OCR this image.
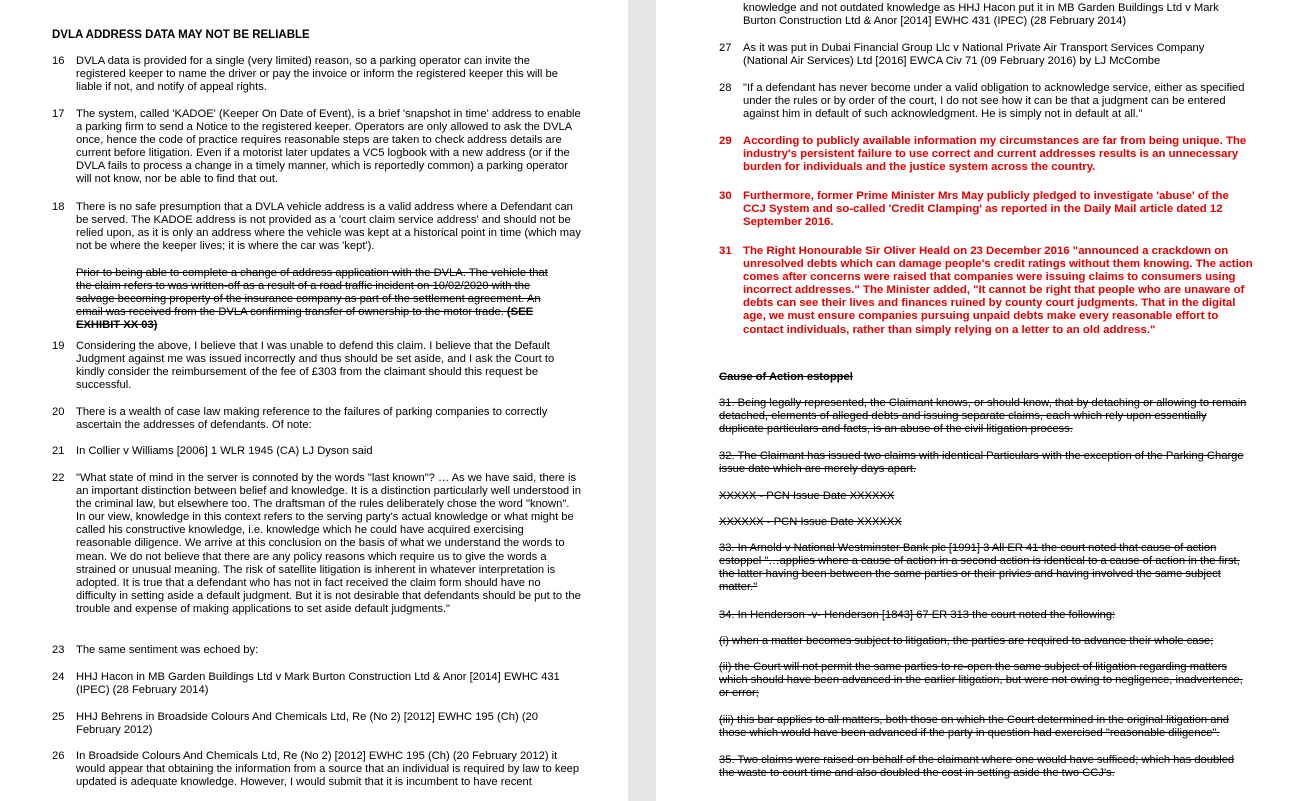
DVLA ADDRESS DATA MAY NOT BE RELIABLE
16 DVLA data is provided for a single (very limited) reason, so a parking operator can invite the registered keeper to name the driver or pay the invoice or inform the registered keeper this will be liable if not, and notify of appeal rights.
17 The system, called 'KADOE' (Keeper On Date of Event), is a brief 'snapshot in time' address to enable a parking firm to send a Notice to the registered keeper. Operators are only allowed to ask the DVLA once, hence the code of practice requires reasonable steps are taken to check address details are current before litigation. Even if a motorist later updates a VC5 logbook with a new address (or if the DVLA fails to process a change in a timely manner, which is reportedly common) a parking operator will not know, nor be able to find that out.
18 There is no safe presumption that a DVLA vehicle address is a valid address where a Defendant can be served. The KADOE address is not provided as a 'court claim service address' and should not be relied upon, as it is only an address where the vehicle was kept at a historical point in time (which may not be where the keeper lives; it is where the car was 'kept').
Prior to being able to complete a change of address application with the DVLA. The vehicle that the claim refers to was written-off as a result of a road traffic incident on 10/02/2020 with the salvage becoming property of the insurance company as part of the settlement agreement. An email was received from the DVLA confirming transfer of ownership to the motor trade. (SEE EXHIBIT XX 03)
19 Considering the above, I believe that I was unable to defend this claim. I believe that the Default Judgment against me was issued incorrectly and thus should be set aside, and I ask the Court to kindly consider the reimbursement of the fee of £303 from the claimant should this request be successful.
20 There is a wealth of case law making reference to the failures of parking companies to correctly ascertain the addresses of defendants. Of note:
21 In Collier v Williams [2006] 1 WLR 1945 (CA) LJ Dyson said
22 "What state of mind in the server is connoted by the words "last known"? … As we have said, there is an important distinction between belief and knowledge. It is a distinction particularly well understood in the criminal law, but elsewhere too. The draftsman of the rules deliberately chose the word "known". In our view, knowledge in this context refers to the serving party's actual knowledge or what might be called his constructive knowledge, i.e. knowledge which he could have acquired exercising reasonable diligence. We arrive at this conclusion on the basis of what we understand the words to mean. We do not believe that there are any policy reasons which require us to give the words a strained or unusual meaning. The risk of satellite litigation is inherent in whatever interpretation is adopted. It is true that a defendant who has not in fact received the claim form should have no difficulty in setting aside a default judgment. But it is not desirable that defendants should be put to the trouble and expense of making applications to set aside default judgments."
23 The same sentiment was echoed by:
24 HHJ Hacon in MB Garden Buildings Ltd v Mark Burton Construction Ltd & Anor [2014] EWHC 431 (IPEC) (28 February 2014)
25 HHJ Behrens in Broadside Colours And Chemicals Ltd, Re (No 2) [2012] EWHC 195 (Ch) (20 February 2012)
26 In Broadside Colours And Chemicals Ltd, Re (No 2) [2012] EWHC 195 (Ch) (20 February 2012) it would appear that obtaining the information from a source that an individual is required by law to keep updated is adequate knowledge. However, I would submit that it is incumbent to have recent
knowledge and not outdated knowledge as HHJ Hacon put it in MB Garden Buildings Ltd v Mark Burton Construction Ltd & Anor [2014] EWHC 431 (IPEC) (28 February 2014)
27 As it was put in Dubai Financial Group Llc v National Private Air Transport Services Company (National Air Services) Ltd [2016] EWCA Civ 71 (09 February 2016) by LJ McCombe
28 "If a defendant has never become under a valid obligation to acknowledge service, either as specified under the rules or by order of the court, I do not see how it can be that a judgment can be entered against him in default of such acknowledgment. He is simply not in default at all."
29 According to publicly available information my circumstances are far from being unique. The industry's persistent failure to use correct and current addresses results is an unnecessary burden for individuals and the justice system across the country.
30 Furthermore, former Prime Minister Mrs May publicly pledged to investigate 'abuse' of the CCJ System and so-called 'Credit Clamping' as reported in the Daily Mail article dated 12 September 2016.
31 The Right Honourable Sir Oliver Heald on 23 December 2016 "announced a crackdown on unresolved debts which can damage people's credit ratings without them knowing. The action comes after concerns were raised that companies were issuing claims to consumers using incorrect addresses." The Minister added, "It cannot be right that people who are unaware of debts can see their lives and finances ruined by county court judgments. That in the digital age, we must ensure companies pursuing unpaid debts make every reasonable effort to contact individuals, rather than simply relying on a letter to an old address."
Cause of Action estoppel
31. Being legally represented, the Claimant knows, or should know, that by detaching or allowing to remain detached, elements of alleged debts and issuing separate claims, each which rely upon essentially duplicate particulars and facts, is an abuse of the civil litigation process.
32. The Claimant has issued two claims with identical Particulars with the exception of the Parking Charge issue date which are merely days apart.
XXXXX - PCN Issue Date XXXXXX
XXXXXX - PCN Issue Date XXXXXX
33. In Arnold v National Westminster Bank plc [1991] 3 All ER 41 the court noted that cause of action estoppel "…applies where a cause of action in a second action is identical to a cause of action in the first, the latter having been between the same parties or their privies and having involved the same subject matter."
34. In Henderson -v- Henderson [1843] 67 ER 313 the court noted the following:
(i) when a matter becomes subject to litigation, the parties are required to advance their whole case;
(ii) the Court will not permit the same parties to re-open the same subject of litigation regarding matters which should have been advanced in the earlier litigation, but were not owing to negligence, inadvertence, or error;
(iii) this bar applies to all matters, both those on which the Court determined in the original litigation and those which would have been advanced if the party in question had exercised "reasonable diligence".
35. Two claims were raised on behalf of the claimant where one would have sufficed; which has doubled the waste to court time and also doubled the cost in setting aside the two CCJ's.
